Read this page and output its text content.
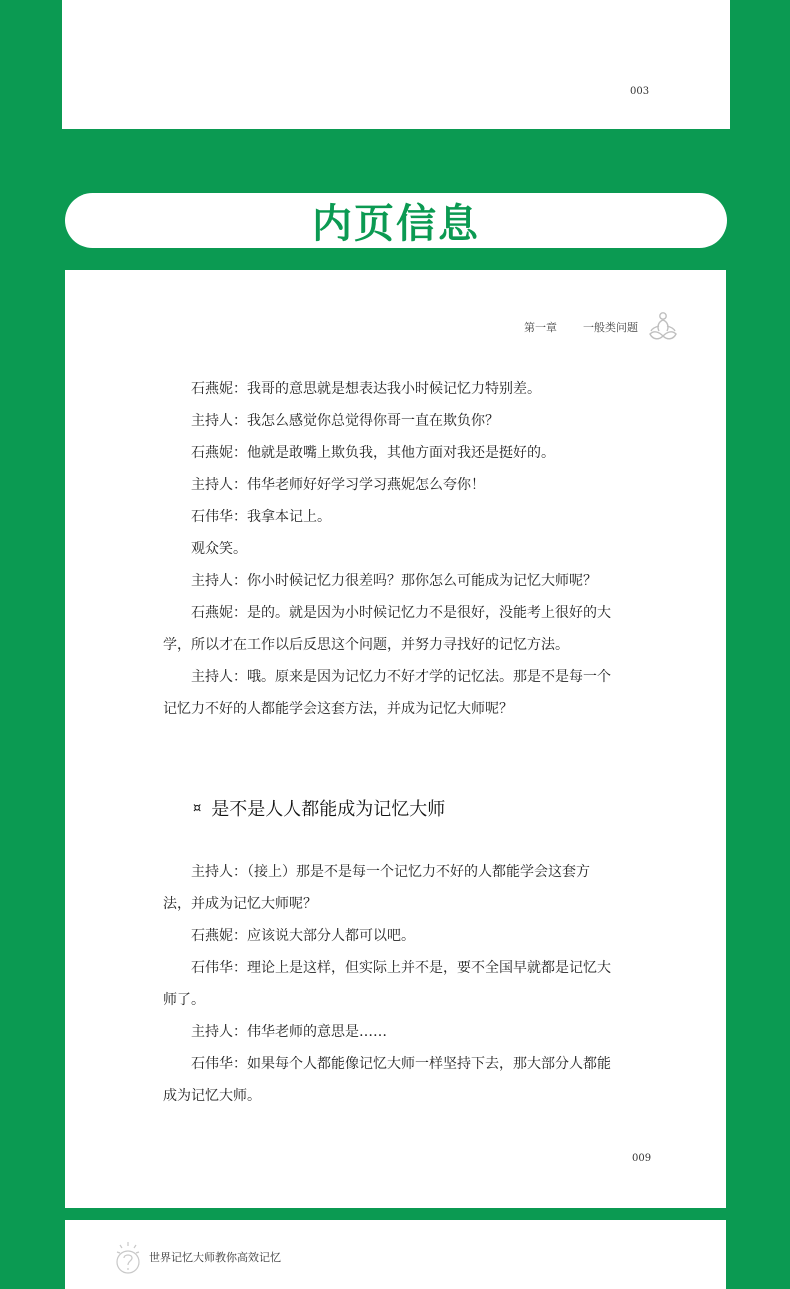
003
内页信息
第一章 一般类问题
石燕妮：我哥的意思就是想表达我小时候记忆力特别差。
主持人：我怎么感觉你总觉得你哥一直在欺负你？
石燕妮：他就是敢嘴上欺负我，其他方面对我还是挺好的。
主持人：伟华老师好好学习学习燕妮怎么夸你！
石伟华：我拿本记上。
观众笑。
主持人：你小时候记忆力很差吗？那你怎么可能成为记忆大师呢？
石燕妮：是的。就是因为小时候记忆力不是很好，没能考上很好的大
学，所以才在工作以后反思这个问题，并努力寻找好的记忆方法。
主持人：哦。原来是因为记忆力不好才学的记忆法。那是不是每一个
记忆力不好的人都能学会这套方法，并成为记忆大师呢？
¤ 是不是人人都能成为记忆大师
主持人：（接上）那是不是每一个记忆力不好的人都能学会这套方
法，并成为记忆大师呢？
石燕妮：应该说大部分人都可以吧。
石伟华：理论上是这样，但实际上并不是，要不全国早就都是记忆大
师了。
主持人：伟华老师的意思是……
石伟华：如果每个人都能像记忆大师一样坚持下去，那大部分人都能
成为记忆大师。
009
世界记忆大师教你高效记忆
